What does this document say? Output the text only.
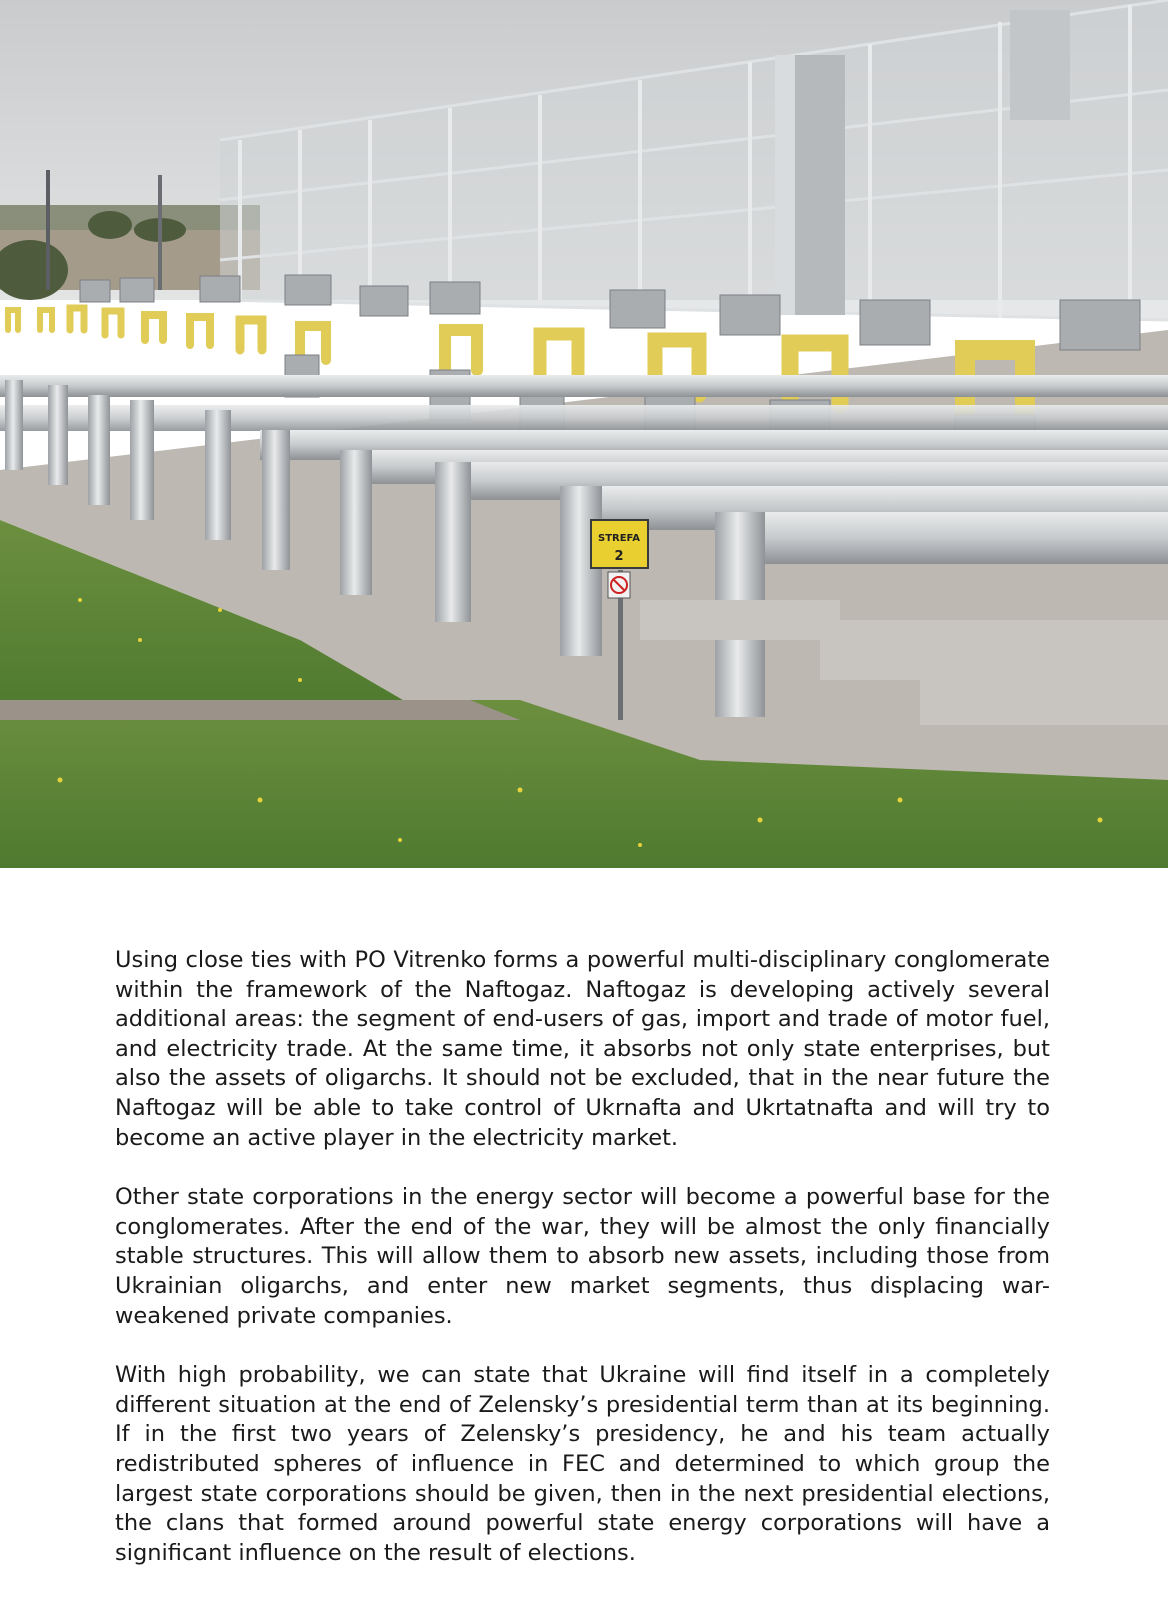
STREFA
2

Using close ties with PO Vitrenko forms a powerful multi-disciplinary conglomerate within the framework of the Naftogaz. Naftogaz is developing actively several additional areas: the segment of end-users of gas, import and trade of motor fuel, and electricity trade. At the same time, it absorbs not only state enterprises, but also the assets of oligarchs. It should not be excluded, that in the near future the Naftogaz will be able to take control of Ukrnafta and Ukrtatnafta and will try to become an active player in the electricity market.

Other state corporations in the energy sector will become a powerful base for the conglomerates. After the end of the war, they will be almost the only financially stable structures. This will allow them to absorb new assets, including those from Ukrainian oligarchs, and enter new market segments, thus displacing war-weakened private companies.

With high probability, we can state that Ukraine will find itself in a completely different situation at the end of Zelensky’s presidential term than at its beginning. If in the first two years of Zelensky’s presidency, he and his team actually redistributed spheres of influence in FEC and determined to which group the largest state corporations should be given, then in the next presidential elections, the clans that formed around powerful state energy corporations will have a significant influence on the result of elections.
